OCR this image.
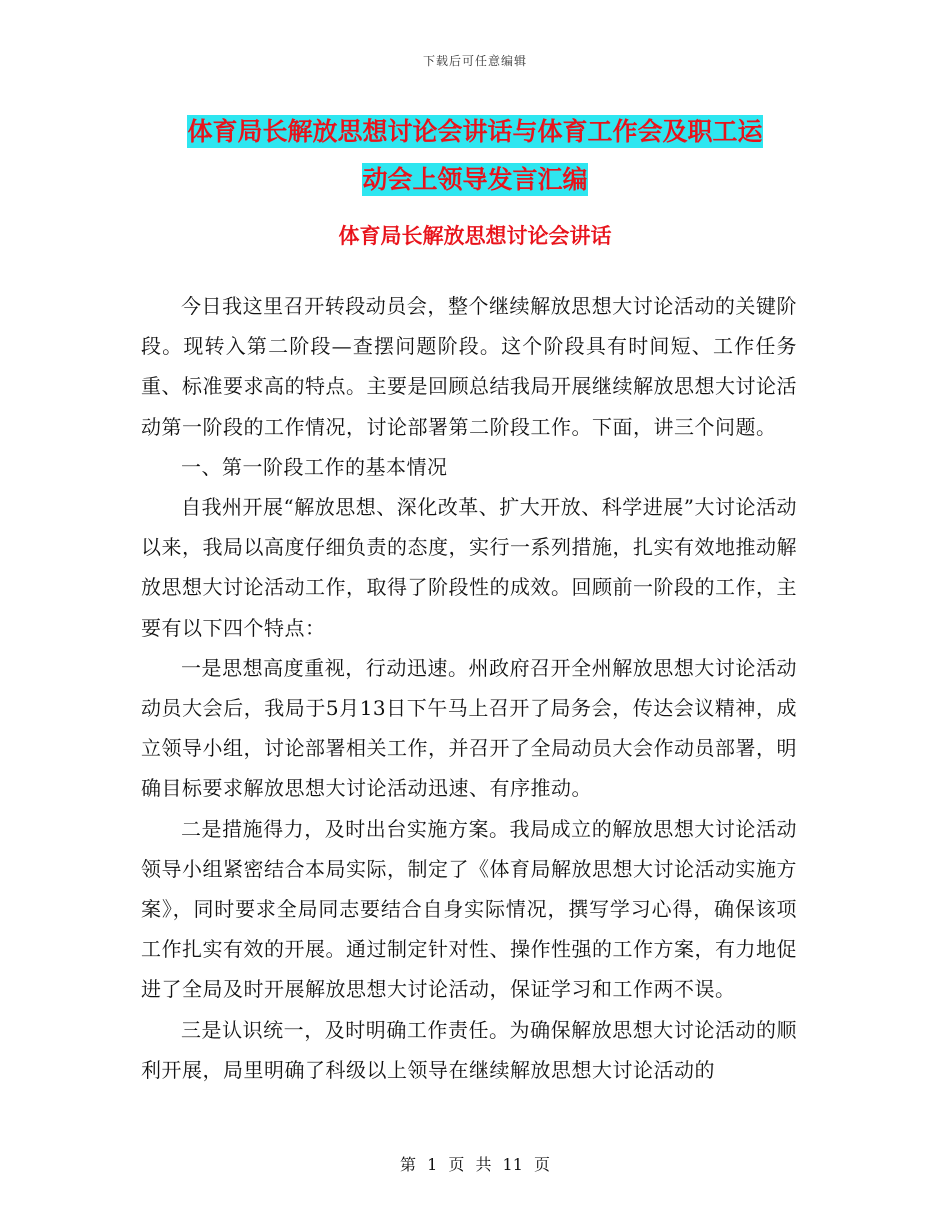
下载后可任意编辑
体育局长解放思想讨论会讲话与体育工作会及职工运
动会上领导发言汇编
体育局长解放思想讨论会讲话

今日我这里召开转段动员会，整个继续解放思想大讨论活动的关键阶段。现转入第二阶段—查摆问题阶段。这个阶段具有时间短、工作任务重、标准要求高的特点。主要是回顾总结我局开展继续解放思想大讨论活动第一阶段的工作情况，讨论部署第二阶段工作。下面，讲三个问题。

一、第一阶段工作的基本情况

自我州开展“解放思想、深化改革、扩大开放、科学进展”大讨论活动以来，我局以高度仔细负责的态度，实行一系列措施，扎实有效地推动解放思想大讨论活动工作，取得了阶段性的成效。回顾前一阶段的工作，主要有以下四个特点：

一是思想高度重视，行动迅速。州政府召开全州解放思想大讨论活动动员大会后，我局于5月13日下午马上召开了局务会，传达会议精神，成立领导小组，讨论部署相关工作，并召开了全局动员大会作动员部署，明确目标要求解放思想大讨论活动迅速、有序推动。

二是措施得力，及时出台实施方案。我局成立的解放思想大讨论活动领导小组紧密结合本局实际，制定了《体育局解放思想大讨论活动实施方案》，同时要求全局同志要结合自身实际情况，撰写学习心得，确保该项工作扎实有效的开展。通过制定针对性、操作性强的工作方案，有力地促进了全局及时开展解放思想大讨论活动，保证学习和工作两不误。

三是认识统一，及时明确工作责任。为确保解放思想大讨论活动的顺利开展，局里明确了科级以上领导在继续解放思想大讨论活动的

第 1 页 共 11 页
